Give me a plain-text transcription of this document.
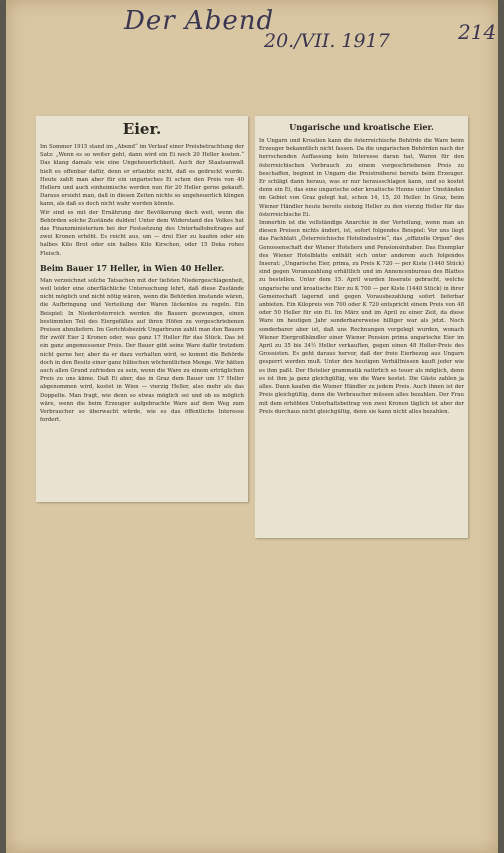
Der Abend
20./VII. 1917	214
Eier.

Im Sommer 1915 stand im „Abend“ im Verlauf einer Preisbetrachtung der Satz: „Wenn es so weiter geht, dann wird ein Ei noch 20 Heller kosten.“ Das klang damals wie eine Ungeheuerlichkeit. Auch der Staatsanwalt hielt es offenbar dafür, denn er erlaubte nicht, daß es gedruckt wurde. Heute zahlt man aber für ein ungarisches Ei schon den Preis von 40 Hellern und auch einheimische werden nun für 20 Heller gerne gekauft. Daraus ersieht man, daß in diesen Zeiten nichts so ungeheuerlich klingen kann, als daß es doch nicht wahr werden könnte.

Wir sind es mit der Ernährung der Bevölkerung doch weit, wenn die Behörden solche Zustände dulden! Unter dem Widerstand des Volkes hat das Finanzministerium bei der Festsetzung des Unterhaltsbeitrages auf zwei Kronen erhöht. Es reicht aus, um — drei Eier zu kaufen oder ein halbes Kilo Brot oder ein halbes Kilo Kirschen, oder 15 Deka rohes Fleisch.

Beim Bauer 17 Heller, in Wien 40 Heller.

Man verzeichnet solche Tatsachen mit der tiefsten Niedergeschlagenheit, weil leider eine oberflächliche Untersuchung lehrt, daß diese Zustände nicht möglich und nicht nötig wären, wenn die Behörden imstande wären, die Aufbringung und Verteilung der Waren lückenlos zu regeln. Ein Beispiel: In Niederösterreich werden die Bauern gezwungen, einen bestimmten Teil des Eiergefälles auf ihren Höfen zu vorgeschriebenen Preisen abzuliefern. Im Gerichtsbezirk Ungarbrunn zahlt man den Bauern für zwölf Eier 2 Kronen oder, was ganz 17 Heller für das Stück. Das ist ein ganz angemessener Preis. Der Bauer gibt seine Ware dafür trotzdem nicht gerne her, aber da er dazu verhalten wird, so kommt die Behörde doch in den Besitz einer ganz hübschen wöchentlichen Menge. Wir hätten auch allen Grund zufrieden zu sein, wenn die Ware zu einem erträglichen Preis zu uns käme. Daß Ei aber, das in Graz dem Bauer um 17 Heller abgenommen wird, kostet in Wien — vierzig Heller, also mehr als das Doppelte. Man fragt, wie denn so etwas möglich sei und ob es möglich wäre, wenn die beim Erzeuger aufgebrachte Ware auf dem Weg zum Verbraucher so überwacht würde, wie es das öffentliche Interesse fordert.

Ungarische und kroatische Eier.

In Ungarn und Kroatien kann die österreichische Behörde die Ware beim Erzeuger bekanntlich nicht fassen. Da die ungarischen Behörden nach der herrschenden Auffassung kein Interesse daran hat, Waren für den österreichischen Verbrauch zu einem vorgeschriebenen Preis zu beschaffen, beginnt in Ungarn die Preistreiberei bereits beim Erzeuger. Er schlägt dann heraus, was er nur herausschlagen kann, und so kostet denn ein Ei, das eine ungarische oder kroatische Henne unter Umständen im Gebiet von Graz gelegt hat, schon 14, 15, 20 Heller. In Graz, beim Wiener Händler heute bereits siebzig Heller zu den vierzig Heller für das österreichische Ei.

Immerhin ist die vollständige Anarchie in der Verteilung, wenn man an diesen Preisen nichts ändert, ist, sofort folgendes Beispiel: Vor uns liegt das Fachblatt „Österreichische Hotelindustrie“, das „offizielle Organ“ des Genossenschaft der Wiener Hoteliers und Pensionsinhaber. Das Exemplar des Wiener Hotelblatts enthält sich unter anderem auch folgendes Inserat: „Ungarische Eier, prima, zu Preis K 720 — per Kiste (1440 Stück) sind gegen Voranszahlung erhältlich und im Annoncenbureau des Blattes zu bestellen. Unter dem 15. April wurden Inserate gebracht, welche ungarische und kroatische Eier zu K 700 — per Kiste (1440 Stück) in ihrer Gemeinschaft lagernd und gegen Vorausbezahlung sofort lieferbar anbieten. Ein Kilopreis von 700 oder K 720 entspricht einem Preis von 48 oder 50 Heller für ein Ei. Im März und im April zu einer Zeit, da diese Ware im heutigen Jahr sonderbarerweise billiger war als jetzt. Noch sonderbarer aber ist, daß uns Rechnungen vorgelegt wurden, wonach Wiener Eiergroßhändler einer Wiener Pension prima ungarische Eier im April zu 35 bis 34½ Heller verkauften, gegen einen 48 Heller-Preis des Grossisten. Es geht daraus hervor, daß der freie Eierbezug aus Ungarn gesperrt werden muß. Unter den heutigen Verhältnissen kauft jeder wie es ihm paßt. Der Hotelier grammatik natürlich so teuer als möglich, denn es ist ihm ja ganz gleichgültig, wie die Ware kostet. Die Gäste zahlen ja alles. Dann kaufen die Wiener Händler zu jedem Preis. Auch ihnen ist der Preis gleichgültig, denn die Verbraucher müssen alles bezahlen. Der Frau mit dem erhöhten Unterhaltsbeitrag von zwei Kronen täglich ist aber der Preis durchaus nicht gleichgültig, denn sie kann nicht alles bezahlen.
